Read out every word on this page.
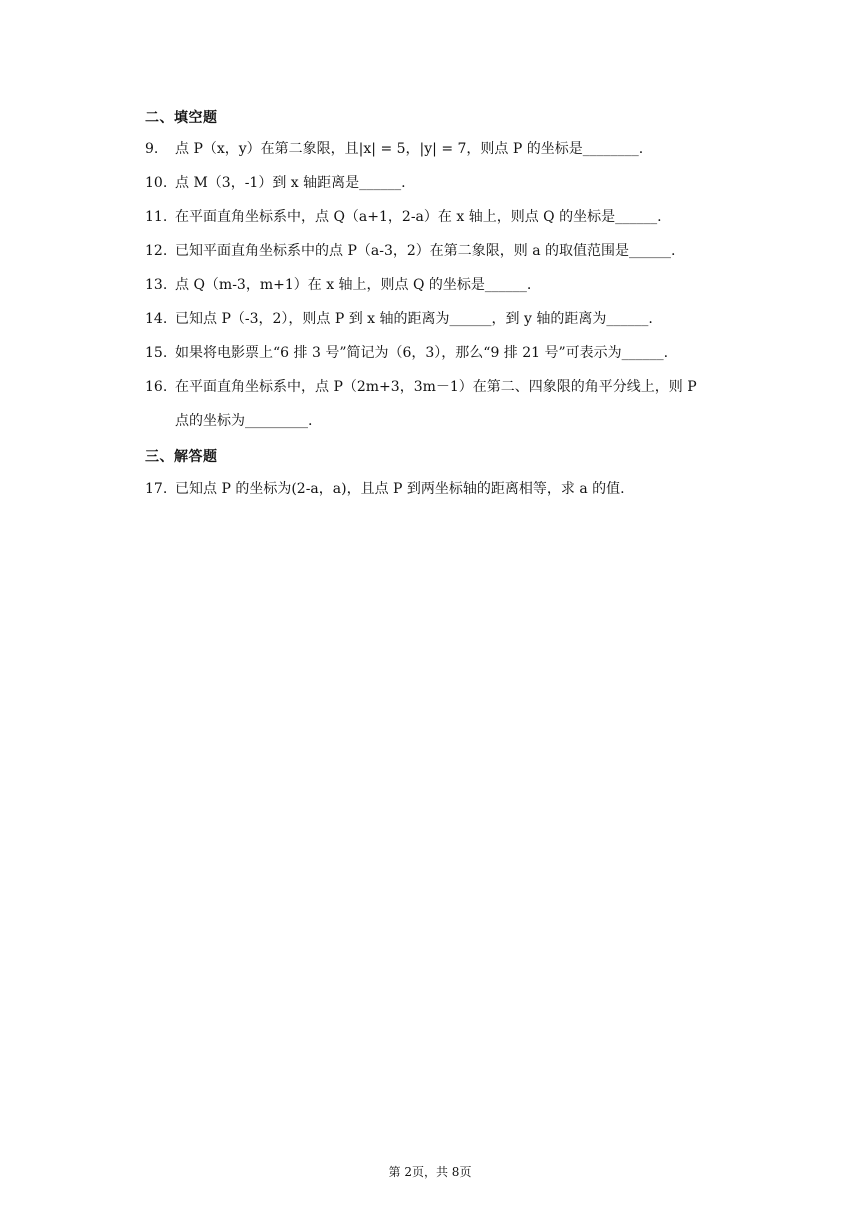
二、填空题
9. 点 P（x，y）在第二象限，且|x| = 5，|y| = 7，则点 P 的坐标是________.
10. 点 M（3，-1）到 x 轴距离是______.
11. 在平面直角坐标系中，点 Q（a+1，2-a）在 x 轴上，则点 Q 的坐标是______.
12. 已知平面直角坐标系中的点 P（a-3，2）在第二象限，则 a 的取值范围是______.
13. 点 Q（m-3，m+1）在 x 轴上，则点 Q 的坐标是______.
14. 已知点 P（-3，2），则点 P 到 x 轴的距离为______，到 y 轴的距离为______.
15. 如果将电影票上“6 排 3 号”简记为（6，3），那么“9 排 21 号”可表示为______.
16. 在平面直角坐标系中，点 P（2m+3，3m－1）在第二、四象限的角平分线上，则 P
点的坐标为_________.
三、解答题
17. 已知点 P 的坐标为(2-a，a)，且点 P 到两坐标轴的距离相等，求 a 的值.
第 2页，共 8页
